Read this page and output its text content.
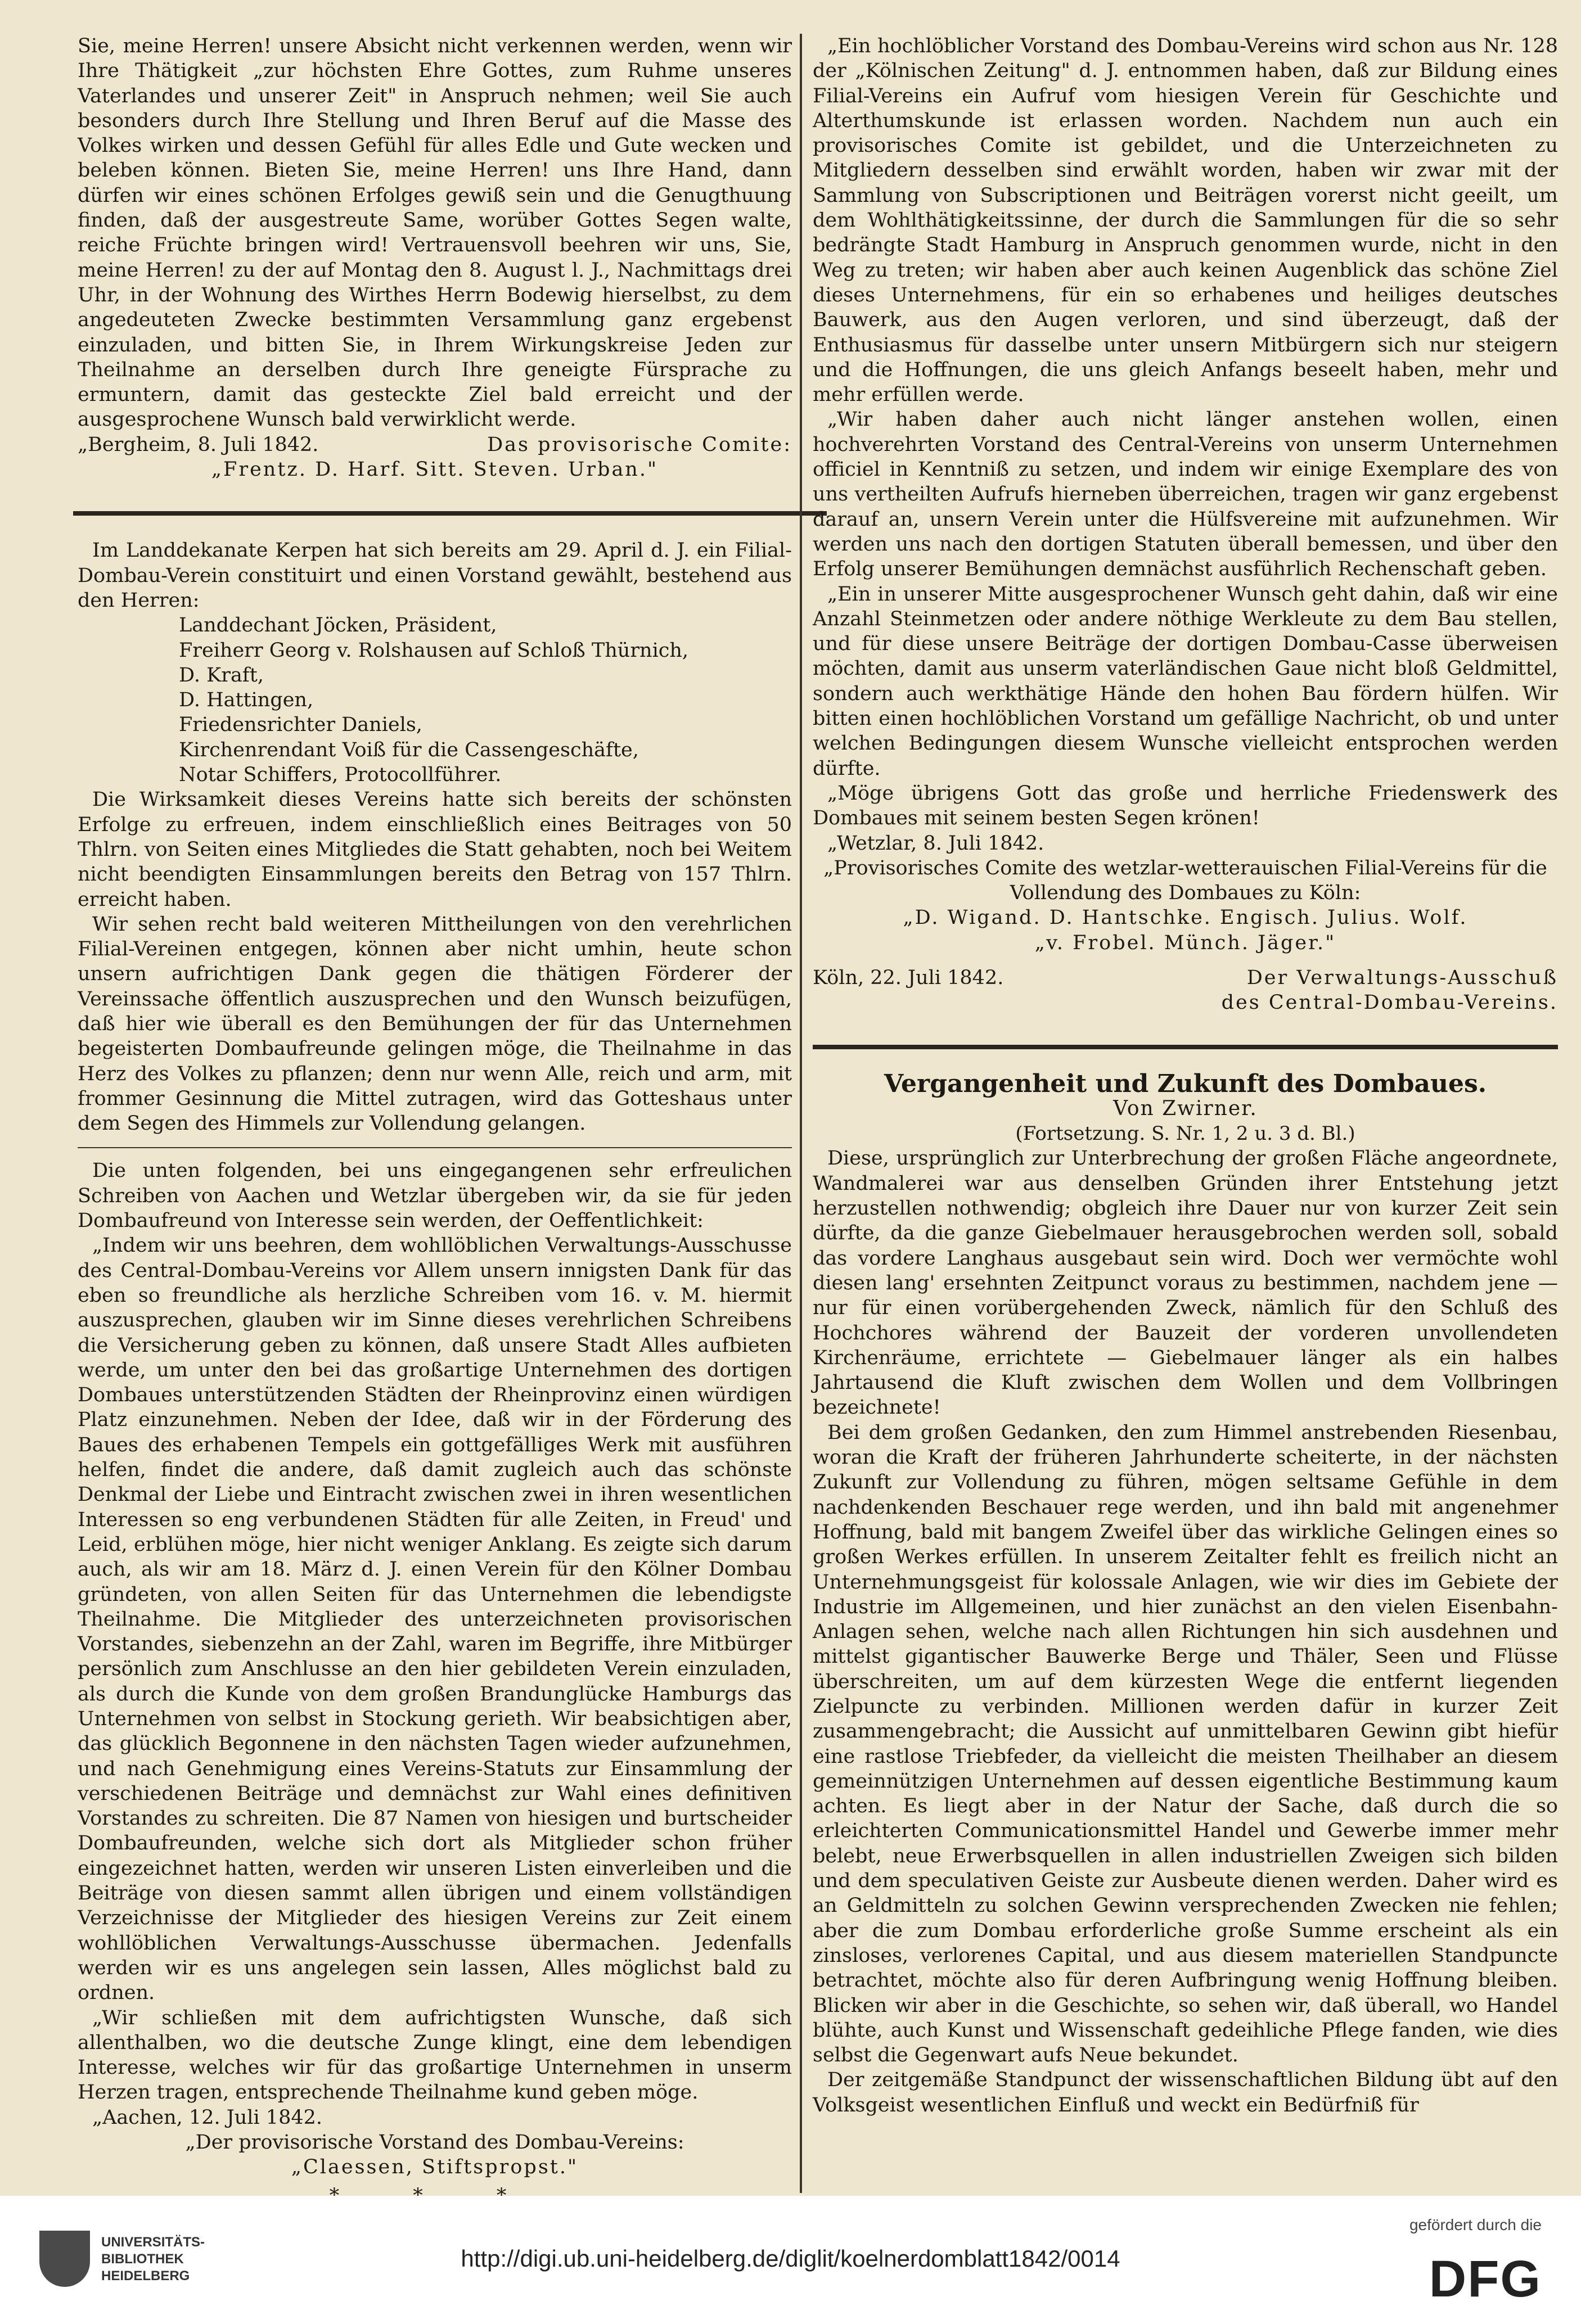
Sie, meine Herren! unsere Absicht nicht verkennen werden, wenn wir Ihre Thätigkeit „zur höchsten Ehre Gottes, zum Ruhme unseres Vaterlandes und unserer Zeit" in Anspruch nehmen; weil Sie auch besonders durch Ihre Stellung und Ihren Beruf auf die Masse des Volkes wirken und dessen Gefühl für alles Edle und Gute wecken und beleben können. Bieten Sie, meine Herren! uns Ihre Hand, dann dürfen wir eines schönen Erfolges gewiß sein und die Genugthuung finden, daß der ausgestreute Same, worüber Gottes Segen walte, reiche Früchte bringen wird! Vertrauensvoll beehren wir uns, Sie, meine Herren! zu der auf Montag den 8. August l. J., Nachmittags drei Uhr, in der Wohnung des Wirthes Herrn Bodewig hierselbst, zu dem angedeuteten Zwecke bestimmten Versammlung ganz ergebenst einzuladen, und bitten Sie, in Ihrem Wirkungskreise Jeden zur Theilnahme an derselben durch Ihre geneigte Fürsprache zu ermuntern, damit das gesteckte Ziel bald erreicht und der ausgesprochene Wunsch bald verwirklicht werde.

„Bergheim, 8. Juli 1842.	Das provisorische Comite:

„Frentz. D. Harf. Sitt. Steven. Urban."

Im Landdekanate Kerpen hat sich bereits am 29. April d. J. ein Filial-Dombau-Verein constituirt und einen Vorstand gewählt, bestehend aus den Herren:

Landdechant Jöcken, Präsident,

Freiherr Georg v. Rolshausen auf Schloß Thürnich,

D. Kraft,

D. Hattingen,

Friedensrichter Daniels,

Kirchenrendant Voiß für die Cassengeschäfte,

Notar Schiffers, Protocollführer.

Die Wirksamkeit dieses Vereins hatte sich bereits der schönsten Erfolge zu erfreuen, indem einschließlich eines Beitrages von 50 Thlrn. von Seiten eines Mitgliedes die Statt gehabten, noch bei Weitem nicht beendigten Einsammlungen bereits den Betrag von 157 Thlrn. erreicht haben.

Wir sehen recht bald weiteren Mittheilungen von den verehrlichen Filial-Vereinen entgegen, können aber nicht umhin, heute schon unsern aufrichtigen Dank gegen die thätigen Förderer der Vereinssache öffentlich auszusprechen und den Wunsch beizufügen, daß hier wie überall es den Bemühungen der für das Unternehmen begeisterten Dombaufreunde gelingen möge, die Theilnahme in das Herz des Volkes zu pflanzen; denn nur wenn Alle, reich und arm, mit frommer Gesinnung die Mittel zutragen, wird das Gotteshaus unter dem Segen des Himmels zur Vollendung gelangen.

Die unten folgenden, bei uns eingegangenen sehr erfreulichen Schreiben von Aachen und Wetzlar übergeben wir, da sie für jeden Dombaufreund von Interesse sein werden, der Oeffentlichkeit:

„Indem wir uns beehren, dem wohllöblichen Verwaltungs-Ausschusse des Central-Dombau-Vereins vor Allem unsern innigsten Dank für das eben so freundliche als herzliche Schreiben vom 16. v. M. hiermit auszusprechen, glauben wir im Sinne dieses verehrlichen Schreibens die Versicherung geben zu können, daß unsere Stadt Alles aufbieten werde, um unter den bei das großartige Unternehmen des dortigen Dombaues unterstützenden Städten der Rheinprovinz einen würdigen Platz einzunehmen. Neben der Idee, daß wir in der Förderung des Baues des erhabenen Tempels ein gottgefälliges Werk mit ausführen helfen, findet die andere, daß damit zugleich auch das schönste Denkmal der Liebe und Eintracht zwischen zwei in ihren wesentlichen Interessen so eng verbundenen Städten für alle Zeiten, in Freud' und Leid, erblühen möge, hier nicht weniger Anklang. Es zeigte sich darum auch, als wir am 18. März d. J. einen Verein für den Kölner Dombau gründeten, von allen Seiten für das Unternehmen die lebendigste Theilnahme. Die Mitglieder des unterzeichneten provisorischen Vorstandes, siebenzehn an der Zahl, waren im Begriffe, ihre Mitbürger persönlich zum Anschlusse an den hier gebildeten Verein einzuladen, als durch die Kunde von dem großen Brandunglücke Hamburgs das Unternehmen von selbst in Stockung gerieth. Wir beabsichtigen aber, das glücklich Begonnene in den nächsten Tagen wieder aufzunehmen, und nach Genehmigung eines Vereins-Statuts zur Einsammlung der verschiedenen Beiträge und demnächst zur Wahl eines definitiven Vorstandes zu schreiten. Die 87 Namen von hiesigen und burtscheider Dombaufreunden, welche sich dort als Mitglieder schon früher eingezeichnet hatten, werden wir unseren Listen einverleiben und die Beiträge von diesen sammt allen übrigen und einem vollständigen Verzeichnisse der Mitglieder des hiesigen Vereins zur Zeit einem wohllöblichen Verwaltungs-Ausschusse übermachen. Jedenfalls werden wir es uns angelegen sein lassen, Alles möglichst bald zu ordnen.

„Wir schließen mit dem aufrichtigsten Wunsche, daß sich allenthalben, wo die deutsche Zunge klingt, eine dem lebendigen Interesse, welches wir für das großartige Unternehmen in unserm Herzen tragen, entsprechende Theilnahme kund geben möge.

„Aachen, 12. Juli 1842.

„Der provisorische Vorstand des Dombau-Vereins:

„Claessen, Stiftspropst."

„Ein hochlöblicher Vorstand des Dombau-Vereins wird schon aus Nr. 128 der „Kölnischen Zeitung" d. J. entnommen haben, daß zur Bildung eines Filial-Vereins ein Aufruf vom hiesigen Verein für Geschichte und Alterthumskunde ist erlassen worden. Nachdem nun auch ein provisorisches Comite ist gebildet, und die Unterzeichneten zu Mitgliedern desselben sind erwählt worden, haben wir zwar mit der Sammlung von Subscriptionen und Beiträgen vorerst nicht geeilt, um dem Wohlthätigkeitssinne, der durch die Sammlungen für die so sehr bedrängte Stadt Hamburg in Anspruch genommen wurde, nicht in den Weg zu treten; wir haben aber auch keinen Augenblick das schöne Ziel dieses Unternehmens, für ein so erhabenes und heiliges deutsches Bauwerk, aus den Augen verloren, und sind überzeugt, daß der Enthusiasmus für dasselbe unter unsern Mitbürgern sich nur steigern und die Hoffnungen, die uns gleich Anfangs beseelt haben, mehr und mehr erfüllen werde.

„Wir haben daher auch nicht länger anstehen wollen, einen hochverehrten Vorstand des Central-Vereins von unserm Unternehmen officiel in Kenntniß zu setzen, und indem wir einige Exemplare des von uns vertheilten Aufrufs hierneben überreichen, tragen wir ganz ergebenst darauf an, unsern Verein unter die Hülfsvereine mit aufzunehmen. Wir werden uns nach den dortigen Statuten überall bemessen, und über den Erfolg unserer Bemühungen demnächst ausführlich Rechenschaft geben.

„Ein in unserer Mitte ausgesprochener Wunsch geht dahin, daß wir eine Anzahl Steinmetzen oder andere nöthige Werkleute zu dem Bau stellen, und für diese unsere Beiträge der dortigen Dombau-Casse überweisen möchten, damit aus unserm vaterländischen Gaue nicht bloß Geldmittel, sondern auch werkthätige Hände den hohen Bau fördern hülfen. Wir bitten einen hochlöblichen Vorstand um gefällige Nachricht, ob und unter welchen Bedingungen diesem Wunsche vielleicht entsprochen werden dürfte.

„Möge übrigens Gott das große und herrliche Friedenswerk des Dombaues mit seinem besten Segen krönen!

„Wetzlar, 8. Juli 1842.

„Provisorisches Comite des wetzlar-wetterauischen Filial-Vereins für die Vollendung des Dombaues zu Köln:

„D. Wigand. D. Hantschke. Engisch. Julius. Wolf.

„v. Frobel. Münch. Jäger."

Köln, 22. Juli 1842.	Der Verwaltungs-Ausschuß

des Central-Dombau-Vereins.

Vergangenheit und Zukunft des Dombaues.

Von Zwirner.

(Fortsetzung. S. Nr. 1, 2 u. 3 d. Bl.)

Diese, ursprünglich zur Unterbrechung der großen Fläche angeordnete, Wandmalerei war aus denselben Gründen ihrer Entstehung jetzt herzustellen nothwendig; obgleich ihre Dauer nur von kurzer Zeit sein dürfte, da die ganze Giebelmauer herausgebrochen werden soll, sobald das vordere Langhaus ausgebaut sein wird. Doch wer vermöchte wohl diesen lang' ersehnten Zeitpunct voraus zu bestimmen, nachdem jene — nur für einen vorübergehenden Zweck, nämlich für den Schluß des Hochchores während der Bauzeit der vorderen unvollendeten Kirchenräume, errichtete — Giebelmauer länger als ein halbes Jahrtausend die Kluft zwischen dem Wollen und dem Vollbringen bezeichnete!

Bei dem großen Gedanken, den zum Himmel anstrebenden Riesenbau, woran die Kraft der früheren Jahrhunderte scheiterte, in der nächsten Zukunft zur Vollendung zu führen, mögen seltsame Gefühle in dem nachdenkenden Beschauer rege werden, und ihn bald mit angenehmer Hoffnung, bald mit bangem Zweifel über das wirkliche Gelingen eines so großen Werkes erfüllen. In unserem Zeitalter fehlt es freilich nicht an Unternehmungsgeist für kolossale Anlagen, wie wir dies im Gebiete der Industrie im Allgemeinen, und hier zunächst an den vielen Eisenbahn-Anlagen sehen, welche nach allen Richtungen hin sich ausdehnen und mittelst gigantischer Bauwerke Berge und Thäler, Seen und Flüsse überschreiten, um auf dem kürzesten Wege die entfernt liegenden Zielpuncte zu verbinden. Millionen werden dafür in kurzer Zeit zusammengebracht; die Aussicht auf unmittelbaren Gewinn gibt hiefür eine rastlose Triebfeder, da vielleicht die meisten Theilhaber an diesem gemeinnützigen Unternehmen auf dessen eigentliche Bestimmung kaum achten. Es liegt aber in der Natur der Sache, daß durch die so erleichterten Communicationsmittel Handel und Gewerbe immer mehr belebt, neue Erwerbsquellen in allen industriellen Zweigen sich bilden und dem speculativen Geiste zur Ausbeute dienen werden. Daher wird es an Geldmitteln zu solchen Gewinn versprechenden Zwecken nie fehlen; aber die zum Dombau erforderliche große Summe erscheint als ein zinsloses, verlorenes Capital, und aus diesem materiellen Standpuncte betrachtet, möchte also für deren Aufbringung wenig Hoffnung bleiben. Blicken wir aber in die Geschichte, so sehen wir, daß überall, wo Handel blühte, auch Kunst und Wissenschaft gedeihliche Pflege fanden, wie dies selbst die Gegenwart aufs Neue bekundet.

Der zeitgemäße Standpunct der wissenschaftlichen Bildung übt auf den Volksgeist wesentlichen Einfluß und weckt ein Bedürfniß für

UNIVERSITÄTS-
BIBLIOTHEK
HEIDELBERG
http://digi.ub.uni-heidelberg.de/diglit/koelnerdomblatt1842/0014
gefördert durch die
DFG
